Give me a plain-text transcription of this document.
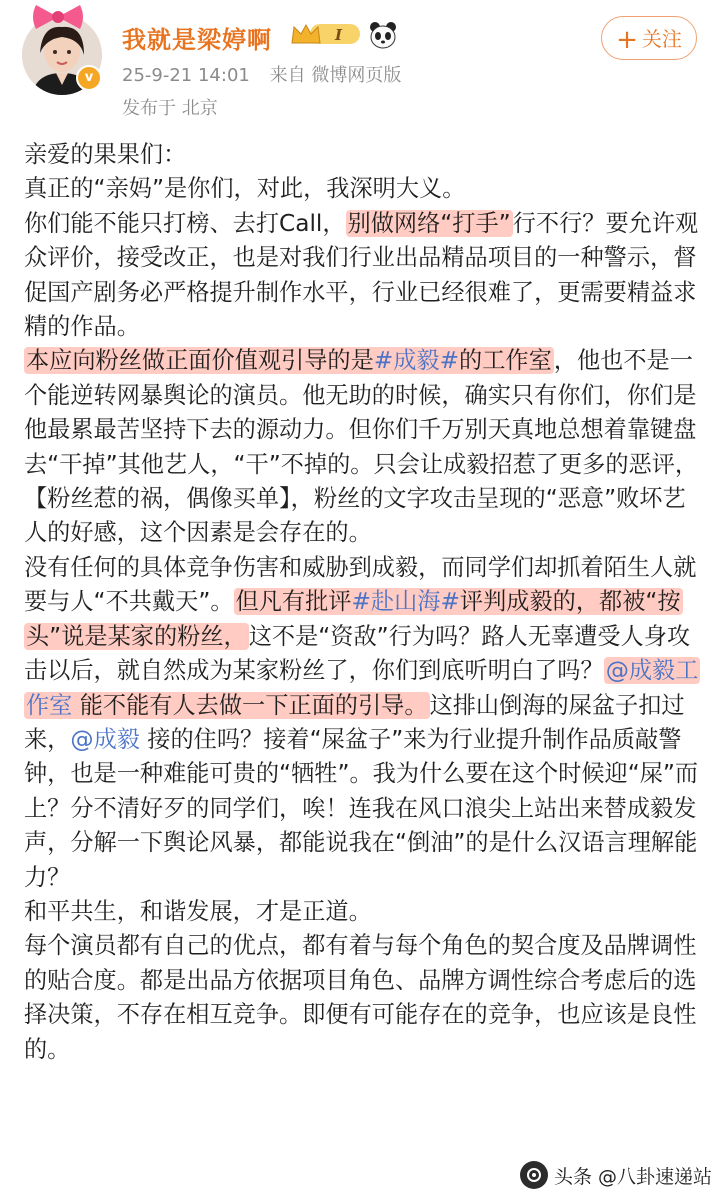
v
我就是梁婷啊	Ⅰ
25-9-21 14:01 来自 微博网页版
发布于 北京
+ 关注

亲爱的果果们：

真正的“亲妈”是你们，对此，我深明大义。

你们能不能只打榜、去打Call，别做网络“打手”行不行？要允许观众评价，接受改正，也是对我们行业出品精品项目的一种警示，督促国产剧务必严格提升制作水平，行业已经很难了，更需要精益求精的作品。

本应向粉丝做正面价值观引导的是#成毅#的工作室，他也不是一个能逆转网暴舆论的演员。他无助的时候，确实只有你们，你们是他最累最苦坚持下去的源动力。但你们千万别天真地总想着靠键盘去“干掉”其他艺人，“干”不掉的。只会让成毅招惹了更多的恶评，【粉丝惹的祸，偶像买单】，粉丝的文字攻击呈现的“恶意”败坏艺人的好感，这个因素是会存在的。

没有任何的具体竞争伤害和威胁到成毅，而同学们却抓着陌生人就要与人“不共戴天”。但凡有批评#赴山海#评判成毅的，都被“按头”说是某家的粉丝，这不是“资敌”行为吗？路人无辜遭受人身攻击以后，就自然成为某家粉丝了，你们到底听明白了吗？@成毅工作室 能不能有人去做一下正面的引导。这排山倒海的屎盆子扣过来，@成毅 接的住吗？接着“屎盆子”来为行业提升制作品质敲警钟，也是一种难能可贵的“牺牲”。我为什么要在这个时候迎“屎”而上？分不清好歹的同学们，唉！连我在风口浪尖上站出来替成毅发声，分解一下舆论风暴，都能说我在“倒油”的是什么汉语言理解能力？

和平共生，和谐发展，才是正道。

每个演员都有自己的优点，都有着与每个角色的契合度及品牌调性的贴合度。都是出品方依据项目角色、品牌方调性综合考虑后的选择决策，不存在相互竞争。即便有可能存在的竞争，也应该是良性的。

头条 @八卦速递站
